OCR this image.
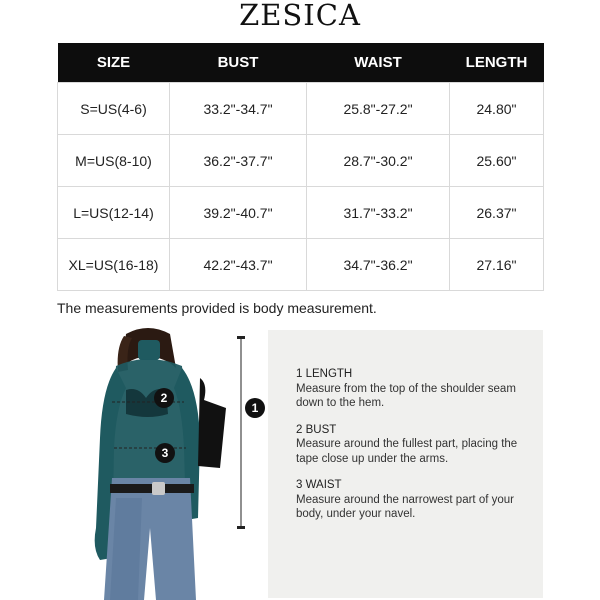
ZESICA
SIZE	BUST	WAIST	LENGTH
S=US(4-6)	33.2"-34.7"	25.8"-27.2"	24.80"
M=US(8-10)	36.2"-37.7"	28.7"-30.2"	25.60"
L=US(12-14)	39.2"-40.7"	31.7"-33.2"	26.37"
XL=US(16-18)	42.2"-43.7"	34.7"-36.2"	27.16"
The measurements provided is body measurement.
2
3
1
1 LENGTH
Measure from the top of the shoulder seam down to the hem.
2 BUST
Measure around the fullest part, placing the tape close up under the arms.
3 WAIST
Measure around the narrowest part of your body, under your navel.
